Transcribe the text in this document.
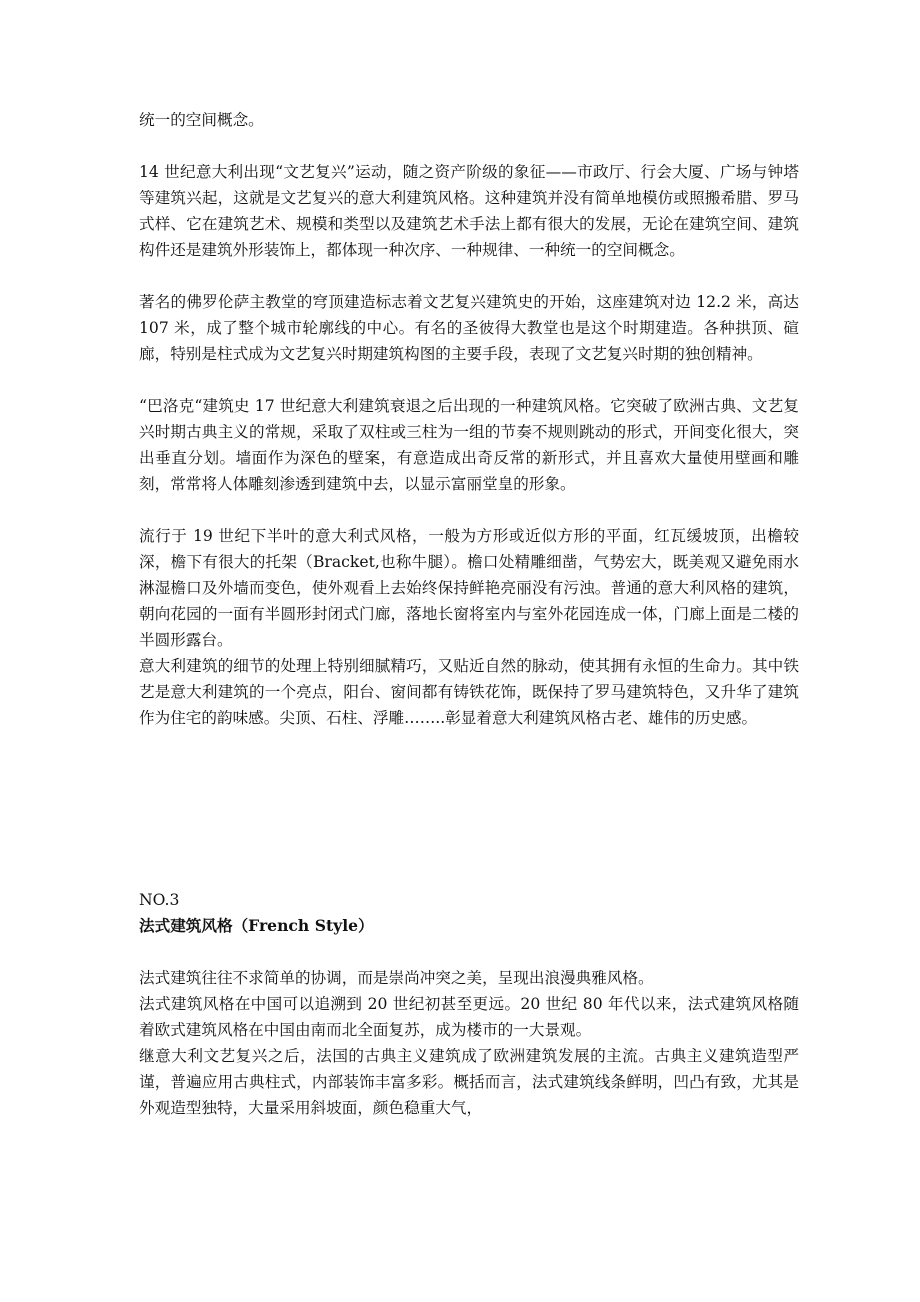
统一的空间概念。

14 世纪意大利出现“文艺复兴”运动，随之资产阶级的象征——市政厅、行会大厦、广场与钟塔等建筑兴起，这就是文艺复兴的意大利建筑风格。这种建筑并没有简单地模仿或照搬希腊、罗马式样、它在建筑艺术、规模和类型以及建筑艺术手法上都有很大的发展，无论在建筑空间、建筑构件还是建筑外形装饰上，都体现一种次序、一种规律、一种统一的空间概念。

著名的佛罗伦萨主教堂的穹顶建造标志着文艺复兴建筑史的开始，这座建筑对边 12.2 米，高达 107 米，成了整个城市轮廓线的中心。有名的圣彼得大教堂也是这个时期建造。各种拱顶、碹廊，特别是柱式成为文艺复兴时期建筑构图的主要手段，表现了文艺复兴时期的独创精神。

“巴洛克“建筑史 17 世纪意大利建筑衰退之后出现的一种建筑风格。它突破了欧洲古典、文艺复兴时期古典主义的常规，采取了双柱或三柱为一组的节奏不规则跳动的形式，开间变化很大，突出垂直分划。墙面作为深色的壁案，有意造成出奇反常的新形式，并且喜欢大量使用壁画和雕刻，常常将人体雕刻渗透到建筑中去，以显示富丽堂皇的形象。

流行于 19 世纪下半叶的意大利式风格，一般为方形或近似方形的平面，红瓦缓坡顶，出檐较深，檐下有很大的托架（Bracket,也称牛腿）。檐口处精雕细凿，气势宏大，既美观又避免雨水淋湿檐口及外墙而变色，使外观看上去始终保持鲜艳亮丽没有污浊。普通的意大利风格的建筑，朝向花园的一面有半圆形封闭式门廊，落地长窗将室内与室外花园连成一体，门廊上面是二楼的半圆形露台。

意大利建筑的细节的处理上特别细腻精巧，又贴近自然的脉动，使其拥有永恒的生命力。其中铁艺是意大利建筑的一个亮点，阳台、窗间都有铸铁花饰，既保持了罗马建筑特色，又升华了建筑作为住宅的韵味感。尖顶、石柱、浮雕……..彰显着意大利建筑风格古老、雄伟的历史感。

NO.3

法式建筑风格（French Style）

法式建筑往往不求简单的协调，而是崇尚冲突之美，呈现出浪漫典雅风格。

法式建筑风格在中国可以追溯到 20 世纪初甚至更远。20 世纪 80 年代以来，法式建筑风格随着欧式建筑风格在中国由南而北全面复苏，成为楼市的一大景观。

继意大利文艺复兴之后，法国的古典主义建筑成了欧洲建筑发展的主流。古典主义建筑造型严谨，普遍应用古典柱式，内部装饰丰富多彩。概括而言，法式建筑线条鲜明，凹凸有致，尤其是外观造型独特，大量采用斜坡面，颜色稳重大气，
